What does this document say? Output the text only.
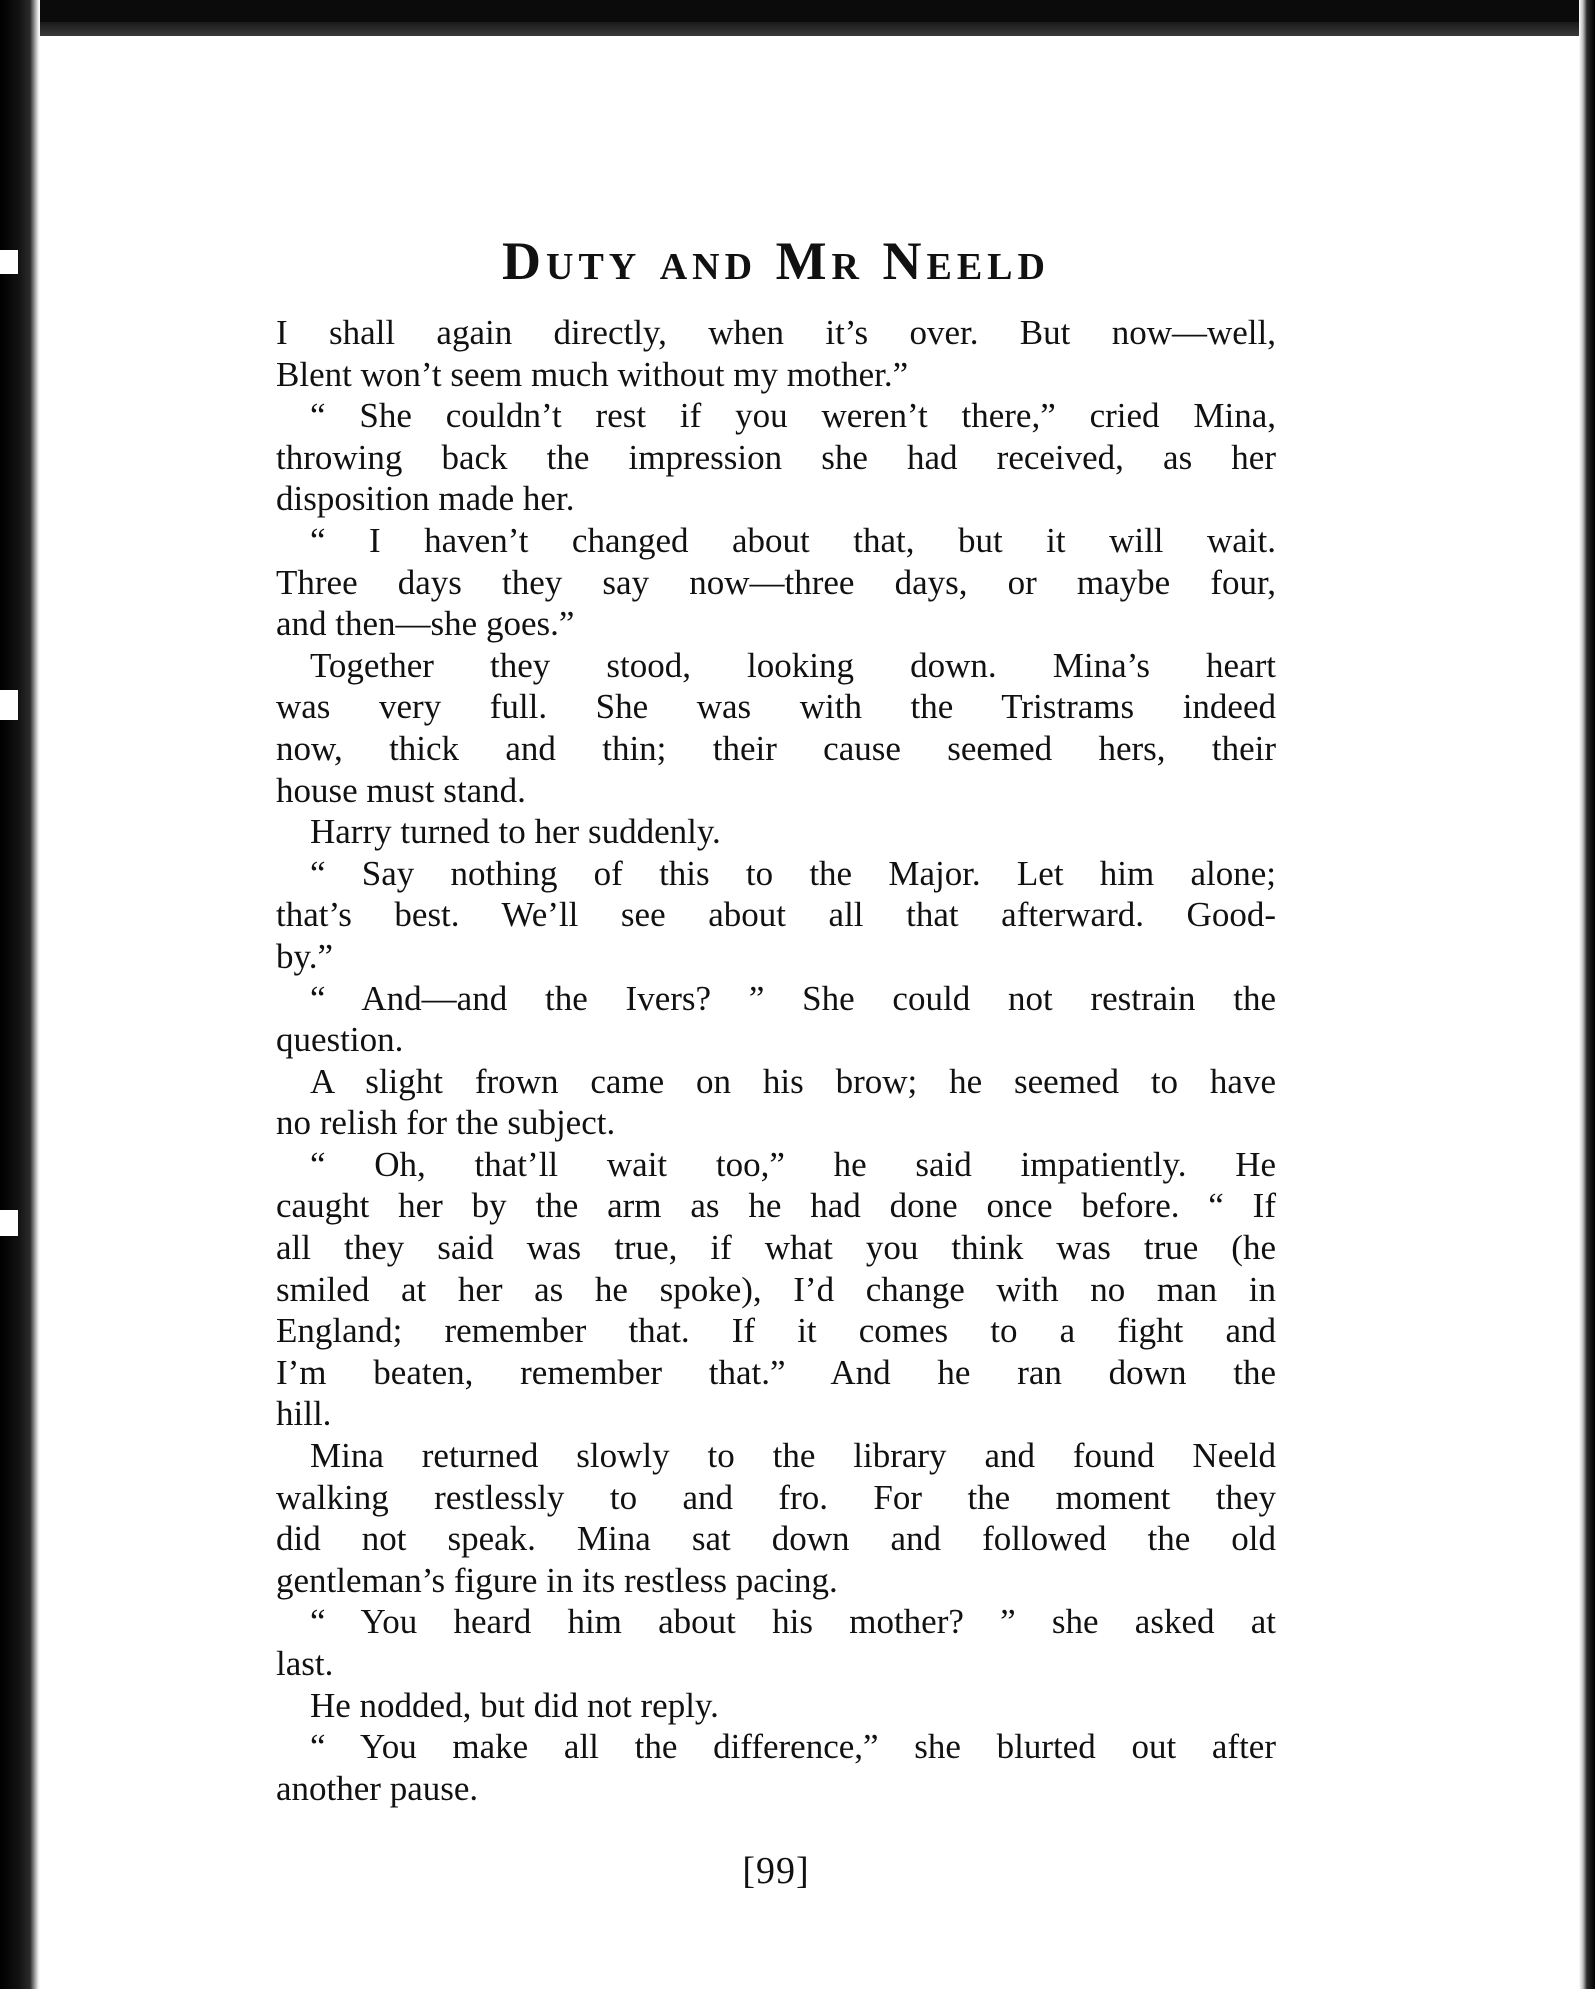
Duty and Mr Neeld
I shall again directly, when it’s over. But now—well,
Blent won’t seem much without my mother.”
“ She couldn’t rest if you weren’t there,” cried Mina,
throwing back the impression she had received, as her
disposition made her.
“ I haven’t changed about that, but it will wait.
Three days they say now—three days, or maybe four,
and then—she goes.”
Together they stood, looking down. Mina’s heart
was very full. She was with the Tristrams indeed
now, thick and thin; their cause seemed hers, their
house must stand.
Harry turned to her suddenly.
“ Say nothing of this to the Major. Let him alone;
that’s best. We’ll see about all that afterward. Good-
by.”
“ And—and the Ivers? ” She could not restrain the
question.
A slight frown came on his brow; he seemed to have
no relish for the subject.
“ Oh, that’ll wait too,” he said impatiently. He
caught her by the arm as he had done once before. “ If
all they said was true, if what you think was true (he
smiled at her as he spoke), I’d change with no man in
England; remember that. If it comes to a fight and
I’m beaten, remember that.” And he ran down the
hill.
Mina returned slowly to the library and found Neeld
walking restlessly to and fro. For the moment they
did not speak. Mina sat down and followed the old
gentleman’s figure in its restless pacing.
“ You heard him about his mother? ” she asked at
last.
He nodded, but did not reply.
“ You make all the difference,” she blurted out after
another pause.
[99]
